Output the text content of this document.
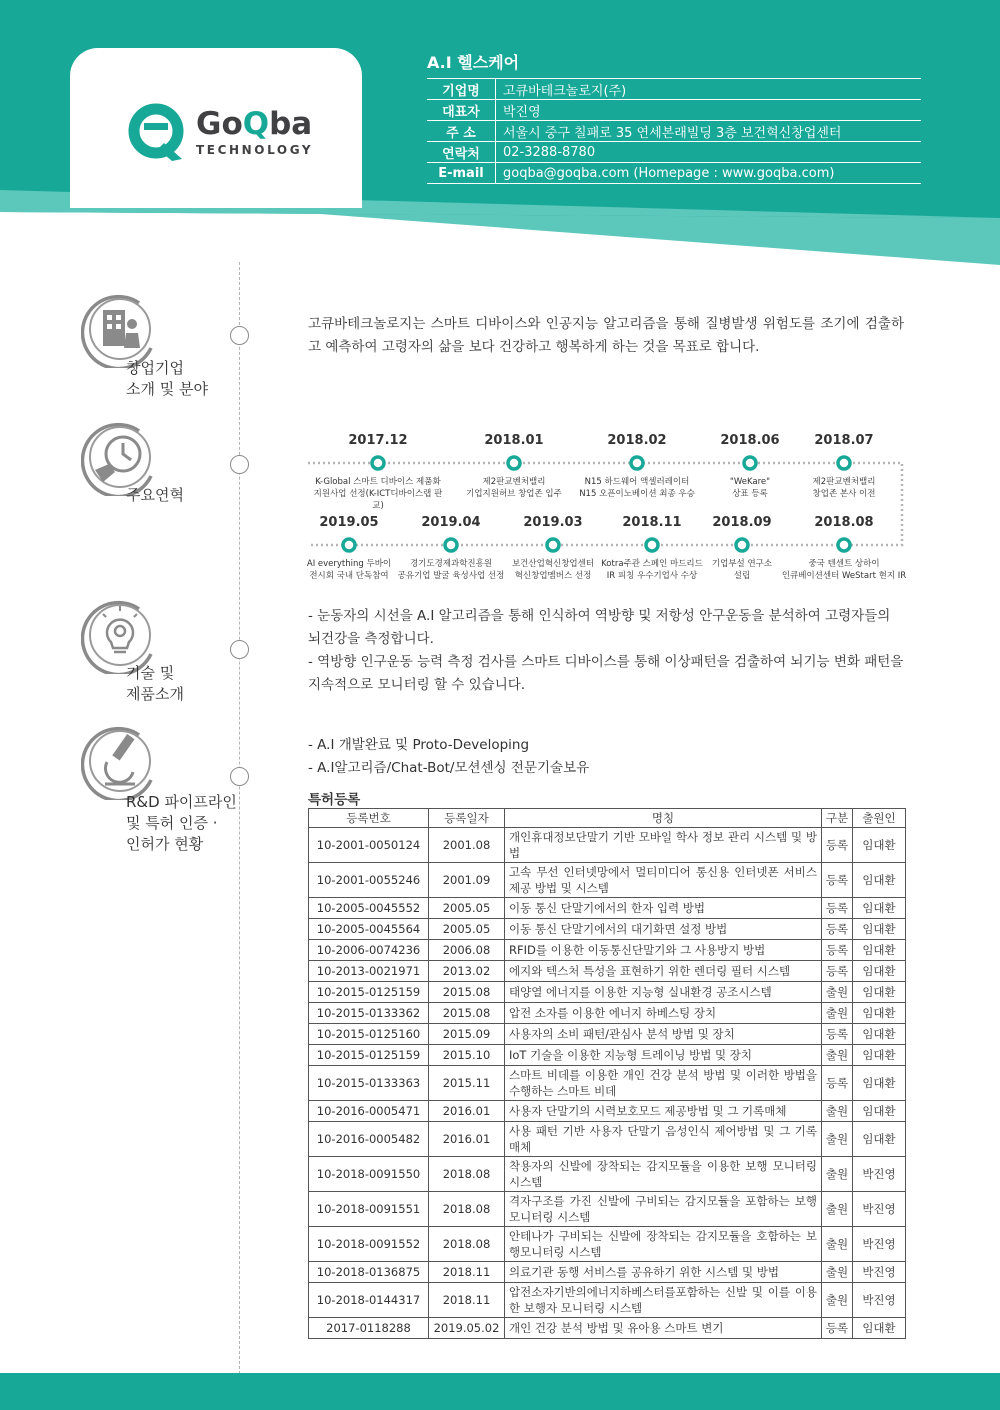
GoQba
TECHNOLOGY
A.I 헬스케어
기업명	고큐바테크놀로지(주)
대표자	박진영
주 소	서울시 중구 칠패로 35 연세본래빌딩 3층 보건혁신창업센터
연락처	02-3288-8780
E-mail	goqba@goqba.com (Homepage : www.goqba.com)
창업기업
소개 및 분야
주요연혁
기술 및
제품소개
R&D 파이프라인
및 특허 인증 ·
인허가 현황
고큐바테크놀로지는 스마트 디바이스와 인공지능 알고리즘을 통해 질병발생 위험도를 조기에 검출하고 예측하여 고령자의 삶을 보다 건강하고 행복하게 하는 것을 목표로 합니다.
2017.12
K-Global 스마트 디바이스 제품화
지원사업 선정(K-ICT디바이스랩 판교)
2018.01
제2판교벤처밸리
기업지원허브 창업존 입주
2018.02
N15 하드웨어 액셀러레이터
N15 오픈이노베이션 최종 우승
2018.06
"WeKare"
상표 등록
2018.07
제2판교벤처밸리
창업존 본사 이전
2019.05
AI everything 두바이
전시회 국내 단독참여
2019.04
경기도경제과학진흥원
공유기업 발굴 육성사업 선정
2019.03
보건산업혁신창업센터
혁신창업멤버스 선정
2018.11
Kotra주관 스페인 마드리드
IR 피칭 우수기업사 수상
2018.09
기업부설 연구소
설립
2018.08
중국 텐센트 상하이
인큐베이션센터 WeStart 현지 IR
- 눈동자의 시선을 A.I 알고리즘을 통해 인식하여 역방향 및 저항성 안구운동을 분석하여 고령자들의
뇌건강을 측정합니다.
- 역방향 인구운동 능력 측정 검사를 스마트 디바이스를 통해 이상패턴을 검출하여 뇌기능 변화 패턴을
지속적으로 모니터링 할 수 있습니다.
- A.I 개발완료 및 Proto-Developing
- A.I알고리즘/Chat-Bot/모션센싱 전문기술보유
특허등록
등록번호	등록일자	명칭	구분	출원인
10-2001-0050124	2001.08	개인휴대정보단말기 기반 모바일 학사 정보 관리 시스템 및 방법	등록	임대환
10-2001-0055246	2001.09	고속 무선 인터넷망에서 멀티미디어 통신용 인터넷폰 서비스 제공 방법 및 시스템	등록	임대환
10-2005-0045552	2005.05	이동 통신 단말기에서의 한자 입력 방법	등록	임대환
10-2005-0045564	2005.05	이동 통신 단말기에서의 대기화면 설정 방법	등록	임대환
10-2006-0074236	2006.08	RFID를 이용한 이동통신단말기와 그 사용방지 방법	등록	임대환
10-2013-0021971	2013.02	에지와 텍스처 특성을 표현하기 위한 렌더링 필터 시스템	등록	임대환
10-2015-0125159	2015.08	태양열 에너지를 이용한 지능형 실내환경 공조시스템	출원	임대환
10-2015-0133362	2015.08	압전 소자를 이용한 에너지 하베스팅 장치	출원	임대환
10-2015-0125160	2015.09	사용자의 소비 패턴/관심사 분석 방법 및 장치	등록	임대환
10-2015-0125159	2015.10	IoT 기술을 이용한 지능형 트레이닝 방법 및 장치	출원	임대환
10-2015-0133363	2015.11	스마트 비데를 이용한 개인 건강 분석 방법 및 이러한 방법을 수행하는 스마트 비데	등록	임대환
10-2016-0005471	2016.01	사용자 단말기의 시력보호모드 제공방법 및 그 기록매체	출원	임대환
10-2016-0005482	2016.01	사용 패턴 기반 사용자 단말기 음성인식 제어방법 및 그 기록매체	출원	임대환
10-2018-0091550	2018.08	착용자의 신발에 장착되는 감지모듈을 이용한 보행 모니터링 시스템	출원	박진영
10-2018-0091551	2018.08	격자구조를 가진 신발에 구비되는 감지모듈을 포함하는 보행모니터링 시스템	출원	박진영
10-2018-0091552	2018.08	안테나가 구비되는 신발에 장착되는 감지모듈을 호함하는 보행모니터링 시스템	출원	박진영
10-2018-0136875	2018.11	의료기관 동행 서비스를 공유하기 위한 시스템 및 방법	출원	박진영
10-2018-0144317	2018.11	압전소자기반의에너지하베스터를포함하는 신발 및 이를 이용한 보행자 모니터링 시스템	출원	박진영
2017-0118288	2019.05.02	개인 건강 분석 방법 및 유아용 스마트 변기	등록	임대환
